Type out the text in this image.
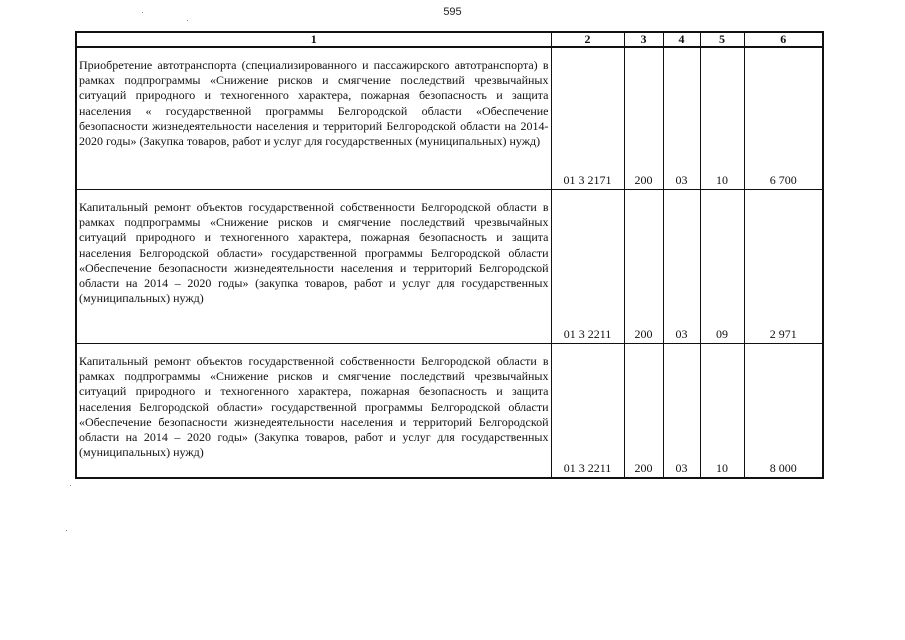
595
1	2	3	4	5	6
Приобретение автотранспорта (специализированного и пассажирского автотранспорта) в рамках подпрограммы «Снижение рисков и смягчение последствий чрезвычайных ситуаций природного и техногенного характера, пожарная безопасность и защита населения « государственной программы Белгородской области «Обеспечение безопасности жизнедеятельности населения и территорий Белгородской области на 2014-2020 годы» (Закупка товаров, работ и услуг для государственных (муниципальных) нужд)	01 3 2171	200	03	10	6 700
Капитальный ремонт объектов государственной собственности Белгородской области в рамках подпрограммы «Снижение рисков и смягчение последствий чрезвычайных ситуаций природного и техногенного характера, пожарная безопасность и защита населения Белгородской области» государственной программы Белгородской области «Обеспечение безопасности жизнедеятельности населения и территорий Белгородской области на 2014 – 2020 годы» (закупка товаров, работ и услуг для государственных (муниципальных) нужд)	01 3 2211	200	03	09	2 971
Капитальный ремонт объектов государственной собственности Белгородской области в рамках подпрограммы «Снижение рисков и смягчение последствий чрезвычайных ситуаций природного и техногенного характера, пожарная безопасность и защита населения Белгородской области» государственной программы Белгородской области «Обеспечение безопасности жизнедеятельности населения и территорий Белгородской области на 2014 – 2020 годы» (Закупка товаров, работ и услуг для государственных (муниципальных) нужд)	01 3 2211	200	03	10	8 000
